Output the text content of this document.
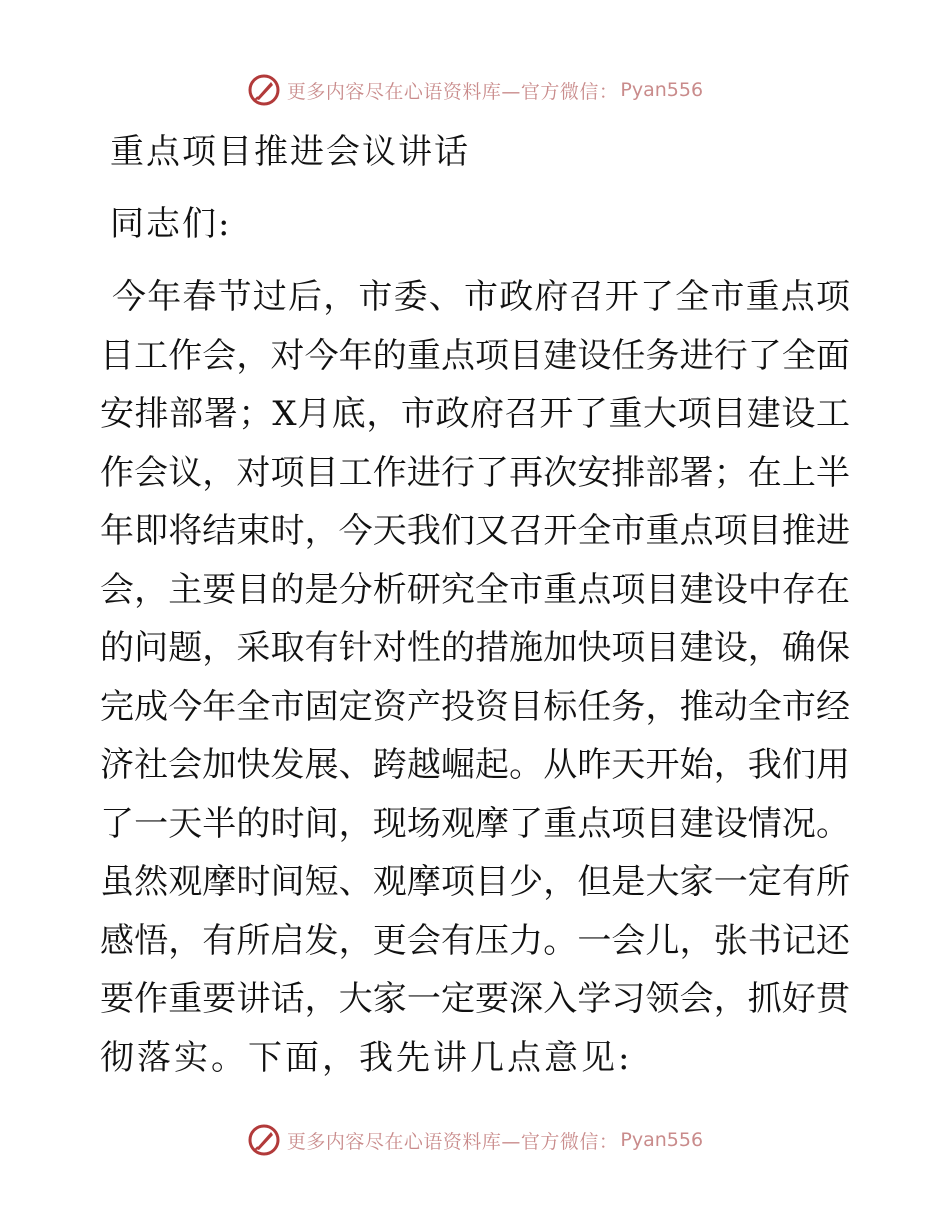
更多内容尽在心语资料库—官方微信： Pyan556
重点项目推进会议讲话
同志们:
今年春节过后，市委、市政府召开了全市重点项
目工作会，对今年的重点项目建设任务进行了全面
安排部署；X月底，市政府召开了重大项目建设工
作会议，对项目工作进行了再次安排部署；在上半
年即将结束时，今天我们又召开全市重点项目推进
会，主要目的是分析研究全市重点项目建设中存在
的问题，采取有针对性的措施加快项目建设，确保
完成今年全市固定资产投资目标任务，推动全市经
济社会加快发展、跨越崛起。从昨天开始，我们用
了一天半的时间，现场观摩了重点项目建设情况。
虽然观摩时间短、观摩项目少，但是大家一定有所
感悟，有所启发，更会有压力。一会儿，张书记还
要作重要讲话，大家一定要深入学习领会，抓好贯
彻落实。下面，我先讲几点意见:
更多内容尽在心语资料库—官方微信： Pyan556
